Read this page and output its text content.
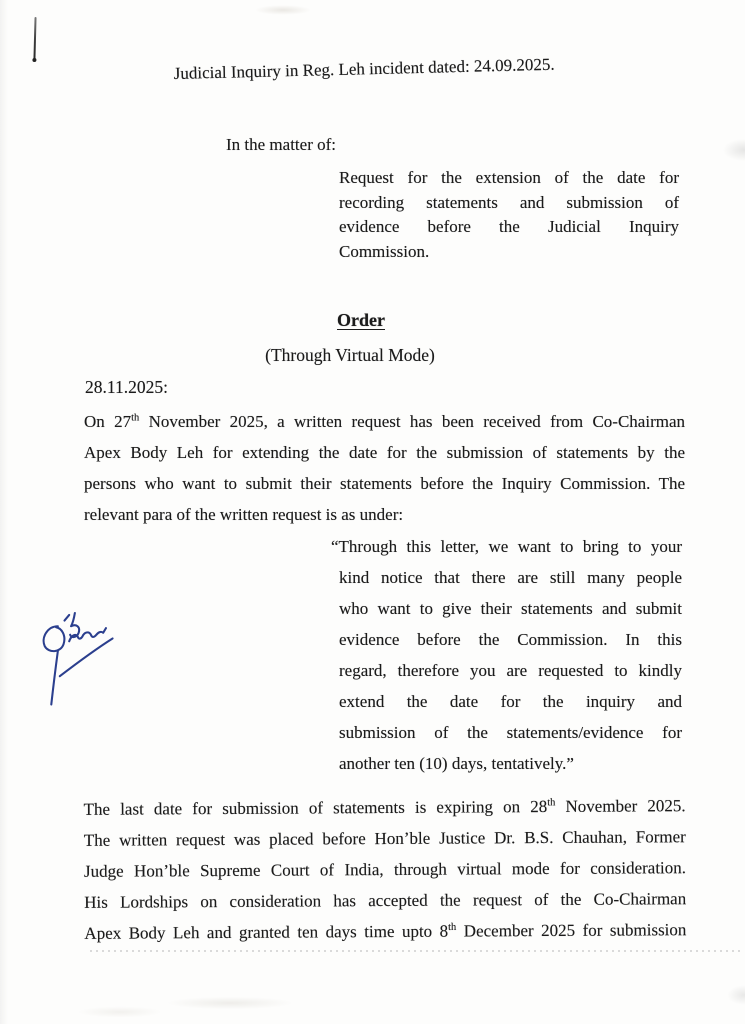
Judicial Inquiry in Reg. Leh incident dated: 24.09.2025.
In the matter of:
Request for the extension of the date for
recording statements and submission of
evidence before the Judicial Inquiry
Commission.
Order
(Through Virtual Mode)
28.11.2025:
On 27th November 2025, a written request has been received from Co-Chairman
Apex Body Leh for extending the date for the submission of statements by the
persons who want to submit their statements before the Inquiry Commission. The
relevant para of the written request is as under:
“Through this letter, we want to bring to your
kind notice that there are still many people
who want to give their statements and submit
evidence before the Commission. In this
regard, therefore you are requested to kindly
extend the date for the inquiry and
submission of the statements/evidence for
another ten (10) days, tentatively.”
The last date for submission of statements is expiring on 28th November 2025.
The written request was placed before Hon’ble Justice Dr. B.S. Chauhan, Former
Judge Hon’ble Supreme Court of India, through virtual mode for consideration.
His Lordships on consideration has accepted the request of the Co-Chairman
Apex Body Leh and granted ten days time upto 8th December 2025 for submission
